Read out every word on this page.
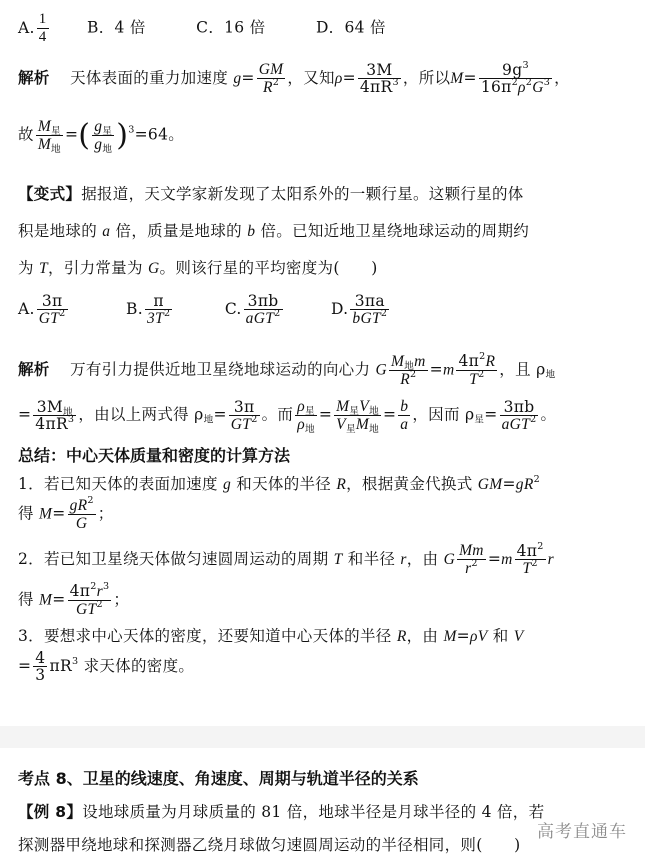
A. $\frac{1}{4}$ B．4 倍	C．16 倍	D．64 倍
解析 天体表面的重力加速度 $g= \frac{GM}{R^2}$ ，又知$\rho= \frac{3M}{4\pi R^3}$ ，所以$M= \frac{9g^3}{16\pi^2\rho^2G^3}$ ，
故 $\frac{M_星}{M_地}$ =( $\frac{g_星}{g_地} )^3=64$。
【变式】据报道，天文学家新发现了太阳系外的一颗行星。这颗行星的体
积是地球的 a 倍，质量是地球的 b 倍。已知近地卫星绕地球运动的周期约
为 T，引力常量为 G。则该行星的平均密度为(　　)
A. $\frac{3\pi}{GT^2}$	B. $\frac{\pi}{3T^2}$	C. $\frac{3\pi b}{aGT^2}$	D. $\frac{3\pi a}{bGT^2}$
解析 万有引力提供近地卫星绕地球运动的向心力 G $\frac{M_地m}{R^2} =m \frac{4\pi^2R}{T^2}$ ，且 $\rho_地$
= $\frac{3M_地}{4\pi R^3}$ ，由以上两式得 $\rho_地= \frac{3\pi}{GT^2}$ 。而 $\frac{\rho_星}{\rho_地} = \frac{M_星V_地}{V_星M_地} = \frac{b}{a}$ ，因而 $\rho_星= \frac{3\pi b}{aGT^2}$ 。
总结：中心天体质量和密度的计算方法
1．若已知天体的表面加速度 g 和天体的半径 R，根据黄金代换式 $GM=gR^2$
得 $M= \frac{gR^2}{G}$ ；
2．若已知卫星绕天体做匀速圆周运动的周期 T 和半径 r，由 G $\frac{Mm}{r^2} =m \frac{4\pi^2}{T^2}$ r
得 $M= \frac{4\pi^2r^3}{GT^2}$ ；
3．要想求中心天体的密度，还要知道中心天体的半径 R，由 M=ρV 和 V
= $\frac{4}{3} \pi R^3$ 求天体的密度。
考点 8、卫星的线速度、角速度、周期与轨道半径的关系
【例 8】设地球质量为月球质量的 81 倍，地球半径是月球半径的 4 倍，若
探测器甲绕地球和探测器乙绕月球做匀速圆周运动的半径相同，则(　　)
高考直通车
